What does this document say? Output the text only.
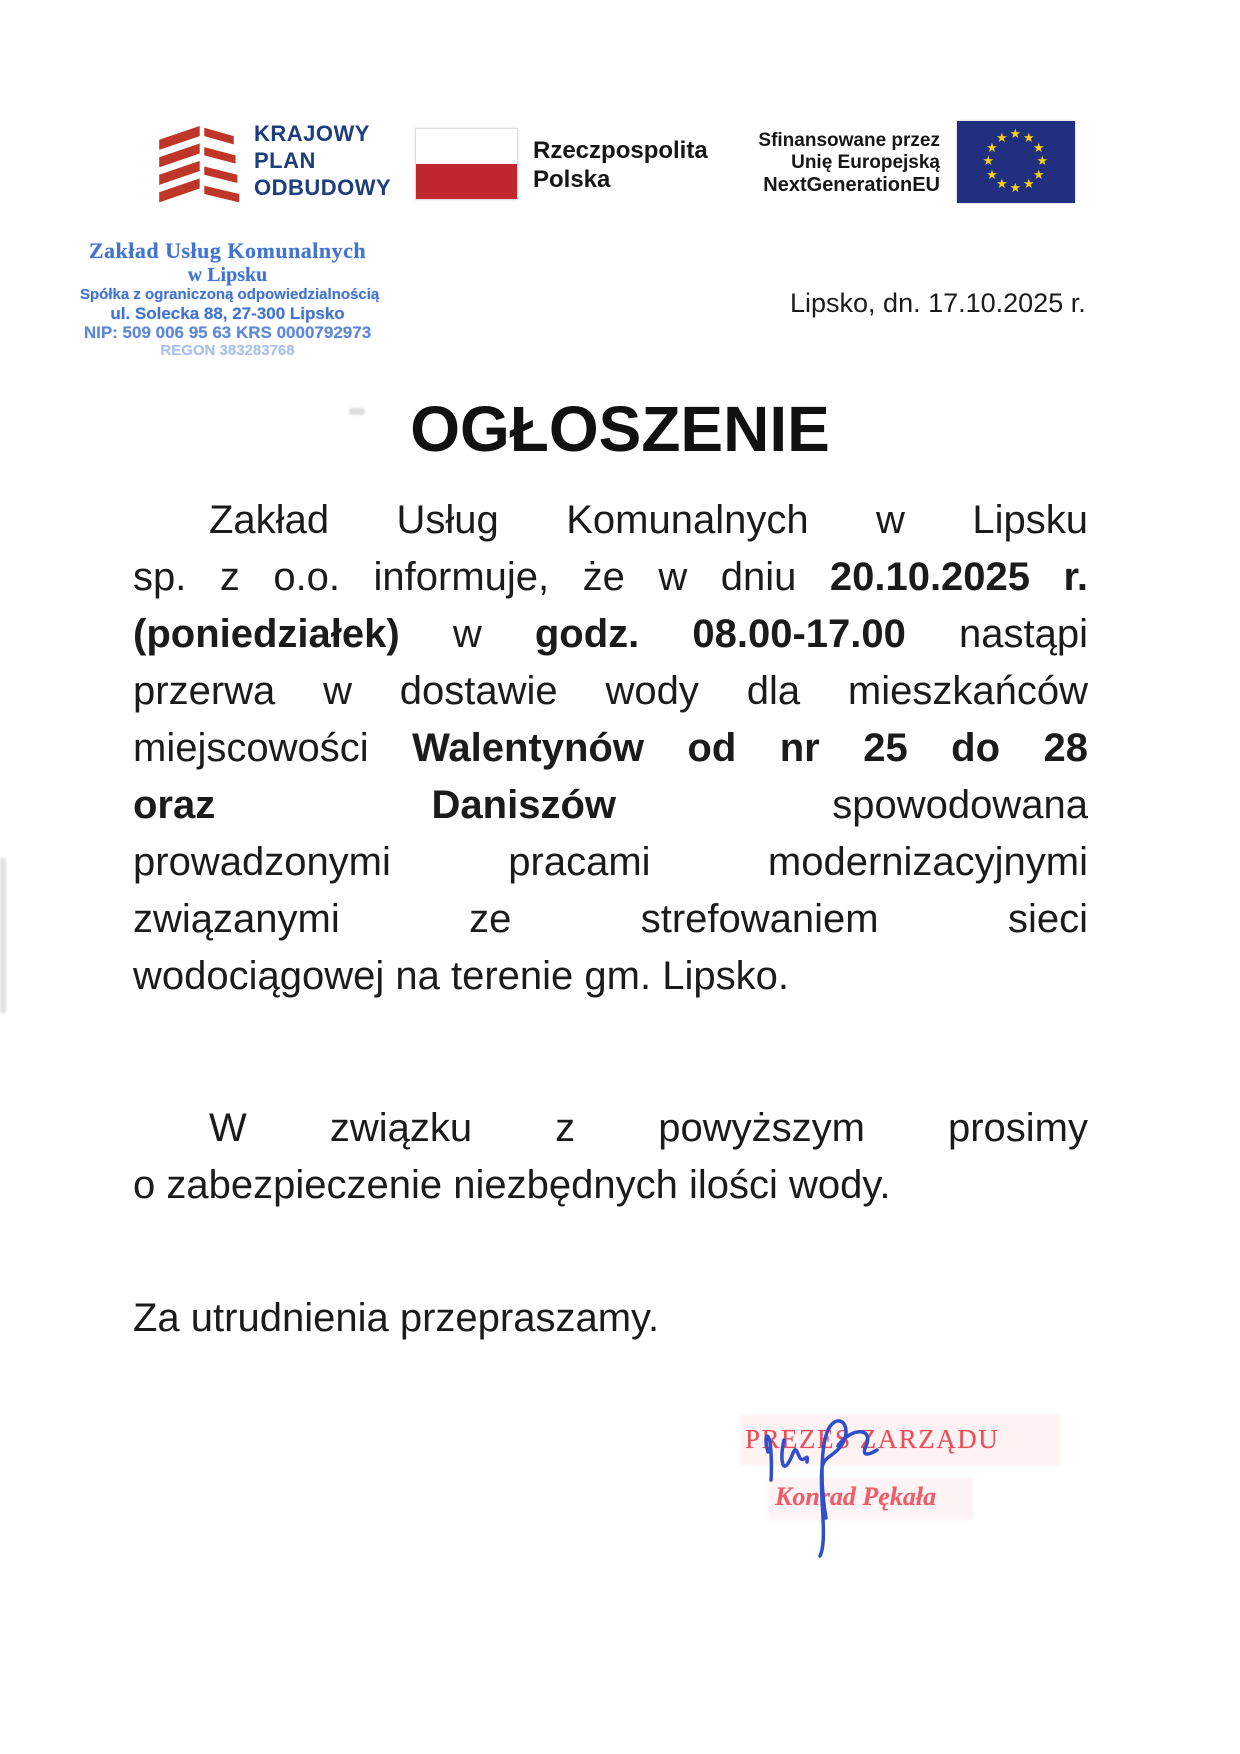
KRAJOWY
PLAN
ODBUDOWY
Rzeczpospolita
Polska
Sfinansowane przez
Unię Europejską
NextGenerationEU
★ ★
★
★
★
★
★
★
★
★
★
★
Zakład Usług Komunalnych
w Lipsku
Spółka z ograniczoną odpowiedzialnością
ul. Solecka 88, 27-300 Lipsko
NIP: 509 006 95 63 KRS 0000792973
REGON 383283768
Lipsko, dn. 17.10.2025 r.
OGŁOSZENIE
Zakład Usług Komunalnych w Lipsku
sp. z o.o. informuje, że w dniu 20.10.2025 r.
(poniedziałek) w godz. 08.00-17.00 nastąpi
przerwa w dostawie wody dla mieszkańców
miejscowości Walentynów od nr 25 do 28
oraz Daniszów spowodowana
prowadzonymi pracami modernizacyjnymi
związanymi ze strefowaniem sieci
wodociągowej na terenie gm. Lipsko.
W związku z powyższym prosimy
o zabezpieczenie niezbędnych ilości wody.
Za utrudnienia przepraszamy.
PREZES ZARZĄDU
Konrad Pękała
